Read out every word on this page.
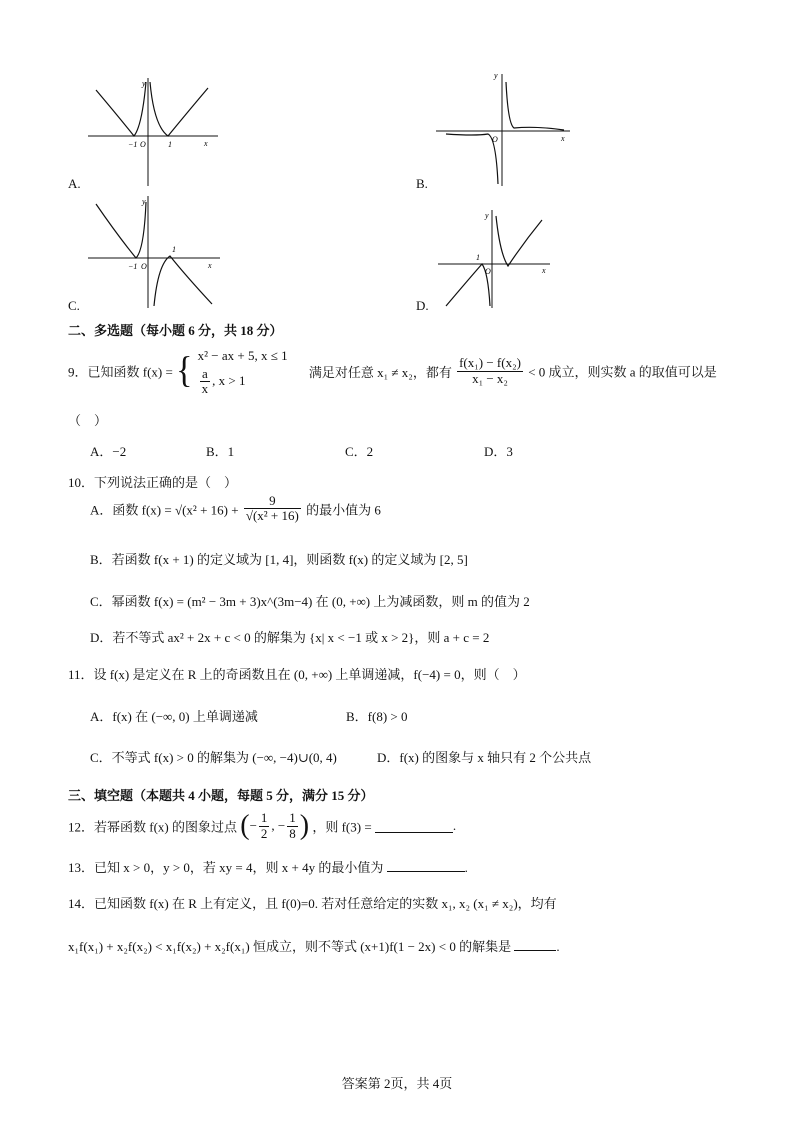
−1 O	1	x
y
A.
O	x
y
B.
−1 O
1
x
y
C.
1
O	x
y
D.
二、多选题（每小题 6 分，共 18 分）
9．已知函数 f(x) = { x² − ax + 5, x ≤ 1
$\frac{a}{x}$ , x > 1
满足对任意 x₁ ≠ x₂，都有 $\frac{\text{f(x₁) − f(x₂)}}{\text{x₁ − x₂}} < 0$ 成立，则实数 a 的取值可以是
（　）
A．−2	B．1	C．2	D．3
10．下列说法正确的是（　）
A．函数 $f(x) = √(x^2 + 16) + \frac{9}{\text{√(x² + 16)}}$ 的最小值为 6
B．若函数 f(x + 1) 的定义域为 [1, 4]，则函数 f(x) 的定义域为 [2, 5]
C．幂函数 f(x) = (m² − 3m + 3)x^(3m−4) 在 (0, +∞) 上为减函数，则 m 的值为 2
D．若不等式 ax² + 2x + c < 0 的解集为 {x| x < −1 或 x > 2}，则 a + c = 2
11．设 f(x) 是定义在 R 上的奇函数且在 (0, +∞) 上单调递减，f(−4) = 0，则（　）
A．f(x) 在 (−∞, 0) 上单调递减	B．f(8) > 0
C．不等式 f(x) > 0 的解集为 (−∞, −4)∪(0, 4)	D．f(x) 的图象与 x 轴只有 2 个公共点
三、填空题（本题共 4 小题，每题 5 分，满分 15 分）
12．若幂函数 f(x) 的图象过点 (− $\frac{1}{2}$ , − $\frac{1}{8}$ ) ，则 f(3) =	.
13．已知 x > 0，y > 0，若 xy = 4，则 x + 4y 的最小值为	.
14．已知函数 f(x) 在 R 上有定义，且 f(0)=0. 若对任意给定的实数 x₁, x₂ (x₁ ≠ x₂)，均有
x₁f(x₁) + x₂f(x₂) < x₁f(x₂) + x₂f(x₁) 恒成立，则不等式 (x+1)f(1 − 2x) < 0 的解集是	.
答案第 2页，共 4页
